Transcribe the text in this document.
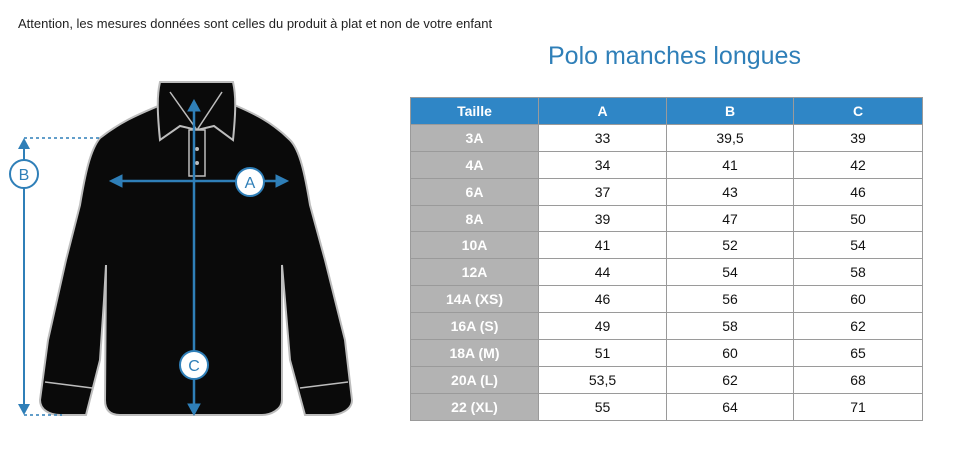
Attention, les mesures données sont celles du produit à plat et non de votre enfant
Polo manches longues
A
C
B
Taille	A	B	C
3A	33	39,5	39
4A	34	41	42
6A	37	43	46
8A	39	47	50
10A	41	52	54
12A	44	54	58
14A (XS)	46	56	60
16A (S)	49	58	62
18A (M)	51	60	65
20A (L)	53,5	62	68
22 (XL)	55	64	71
